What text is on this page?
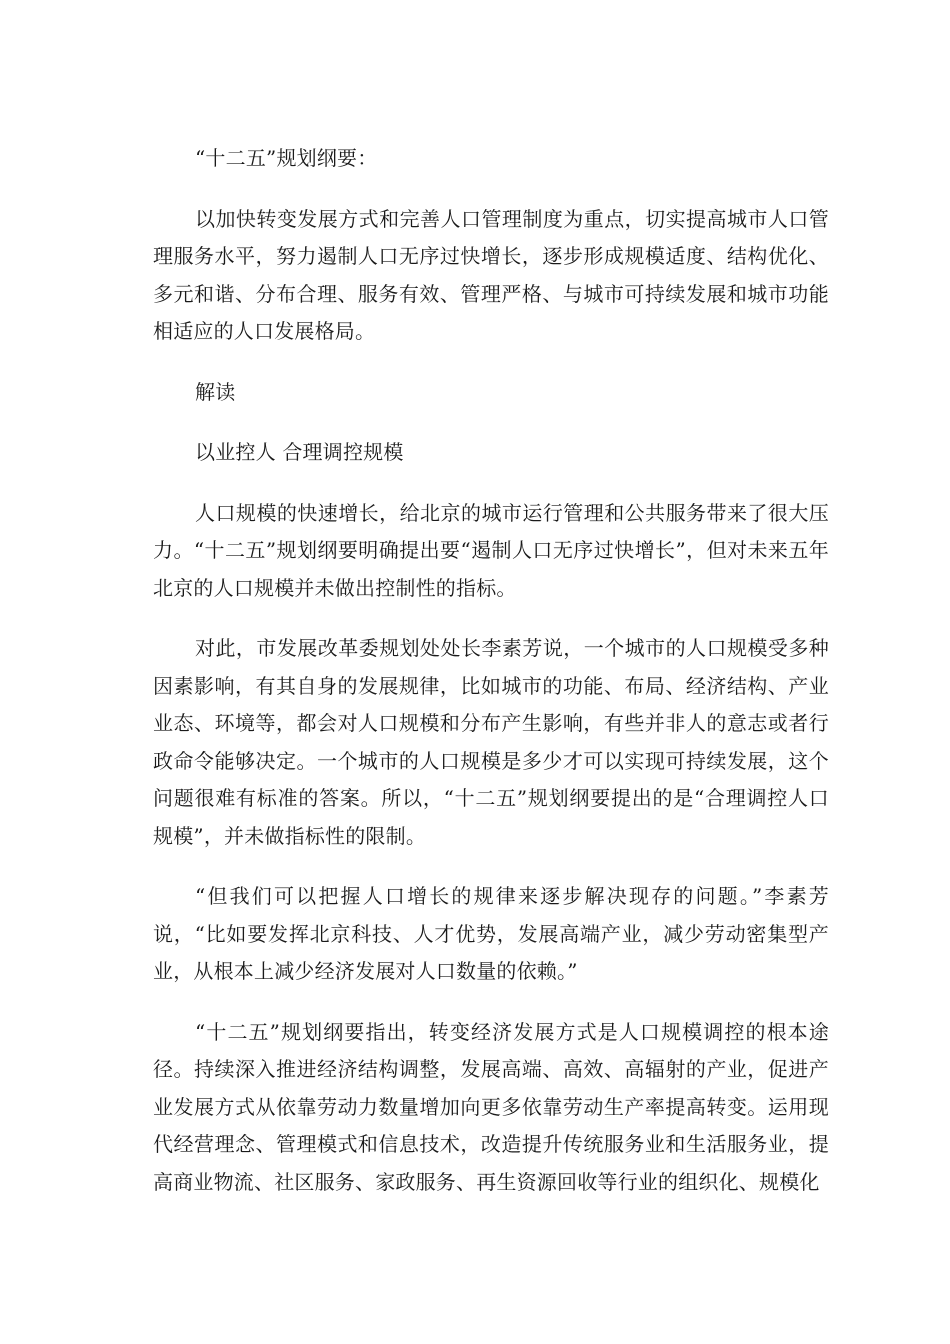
“十二五”规划纲要：

以加快转变发展方式和完善人口管理制度为重点，切实提高城市人口管理服务水平，努力遏制人口无序过快增长，逐步形成规模适度、结构优化、多元和谐、分布合理、服务有效、管理严格、与城市可持续发展和城市功能相适应的人口发展格局。

解读

以业控人 合理调控规模

人口规模的快速增长，给北京的城市运行管理和公共服务带来了很大压力。“十二五”规划纲要明确提出要“遏制人口无序过快增长”，但对未来五年北京的人口规模并未做出控制性的指标。

对此，市发展改革委规划处处长李素芳说，一个城市的人口规模受多种因素影响，有其自身的发展规律，比如城市的功能、布局、经济结构、产业业态、环境等，都会对人口规模和分布产生影响，有些并非人的意志或者行政命令能够决定。一个城市的人口规模是多少才可以实现可持续发展，这个问题很难有标准的答案。所以，“十二五”规划纲要提出的是“合理调控人口规模”，并未做指标性的限制。

“但我们可以把握人口增长的规律来逐步解决现存的问题。”李素芳说，“比如要发挥北京科技、人才优势，发展高端产业，减少劳动密集型产业，从根本上减少经济发展对人口数量的依赖。”

“十二五”规划纲要指出，转变经济发展方式是人口规模调控的根本途径。持续深入推进经济结构调整，发展高端、高效、高辐射的产业，促进产业发展方式从依靠劳动力数量增加向更多依靠劳动生产率提高转变。运用现代经营理念、管理模式和信息技术，改造提升传统服务业和生活服务业，提高商业物流、社区服务、家政服务、再生资源回收等行业的组织化、规模化
